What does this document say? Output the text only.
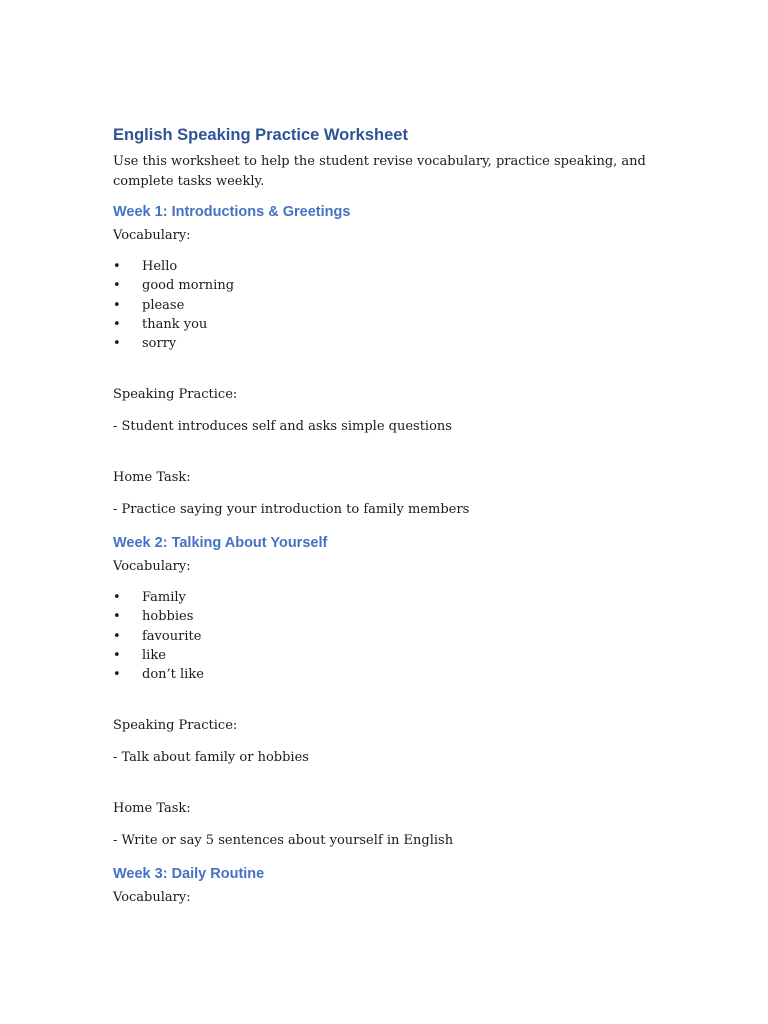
English Speaking Practice Worksheet

Use this worksheet to help the student revise vocabulary, practice speaking, and complete tasks weekly.

Week 1: Introductions & Greetings

Vocabulary:

• Hello
• good morning
• please
• thank you
• sorry

Speaking Practice:

- Student introduces self and asks simple questions

Home Task:

- Practice saying your introduction to family members

Week 2: Talking About Yourself

Vocabulary:

• Family
• hobbies
• favourite
• like
• don’t like

Speaking Practice:

- Talk about family or hobbies

Home Task:

- Write or say 5 sentences about yourself in English

Week 3: Daily Routine

Vocabulary:
